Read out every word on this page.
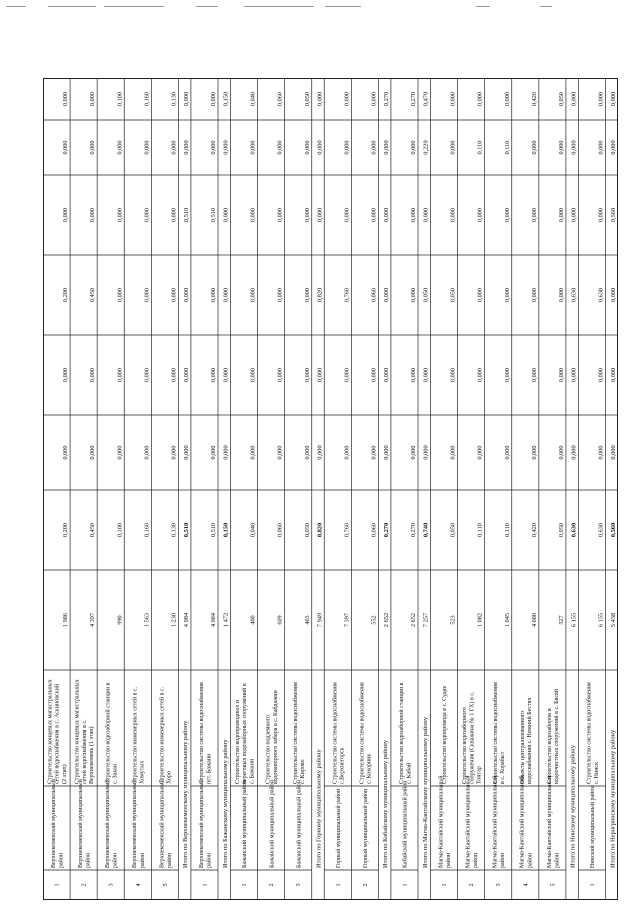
1
Верхнекеменский муниципальный район
Строительство концевых магистральных сетей водоснабжения в с. Аскиновский (2 этап)
1 986
0,200
0,000
0,000
0,200
0,000
0,000
0,000
2
Верхнекеменский муниципальный район
Строительство концевых магистральных сетей водоснабжения в с. Верхнекемень (1 этап)
4 397
0,450
0,000
0,000
0,450
0,000
0,000
0,000
3
Верхнекеменский муниципальный район
Строительство водозаборной станции в с. Закан
990
0,100
0,000
0,000
0,000
0,000
0,000
0,100
4
Верхнекеменский муниципальный район
Строительство инженерных сетей в с. Хомутых
1 563
0,160
0,000
0,000
0,000
0,000
0,000
0,160
5
Верхнекеменский муниципальный район
Строительство инженерных сетей в с. Хоро
1 230
0,130
0,000
0,000
0,000
0,000
0,000
0,130
Итого по Верхнекеменскому муниципальному району
4 984
0,510
0,000
0,000
0,000
0,510
0,000
0,000
1
Верхнекеменский муниципальный район
Строительство системы водоснабжения пгт. Бажани
4 984
0,510
0,000
0,000
0,000
0,510
0,000
0,000
Итого по Бажанскому муниципальному району
1 472
0,150
0,000
0,000
0,000
0,000
0,000
0,150
1
Бажанский муниципальный район
Строительство водопроводных и береговых водозаборных сооружений в с. Бажани
400
0,040
0,000
0,000
0,000
0,000
0,000
0,040
2
Бажанский муниципальный район
Строительство подземного водонапорного забора в с. Кабдажин
609
0,060
0,000
0,000
0,000
0,000
0,000
0,060
3
Бажанский муниципальный район
Строительство системы водоснабжения с. Кирово
463
0,050
0,000
0,000
0,000
0,000
0,000
0,050
Итого по Горному муниципальному району
7 949
0,820
0,000
0,000
0,820
0,000
0,000
0,000
1
Горный муниципальный район
Строительство системы водоснабжения с.Верхнегорск
7 397
0,760
0,000
0,000
0,760
0,000
0,000
0,000
2
Горный муниципальный район
Строительство системы водоснабжения с. Кокорник
552
0,060
0,000
0,000
0,060
0,000
0,000
0,000
Итого по Кабайскому муниципальному району
2 652
0,270
0,000
0,000
0,000
0,000
0,000
0,270
1
Кабайский муниципальный район
Строительство водозаборной станции в с. Кабай
2 652
0,270
0,000
0,000
0,000
0,000
0,000
0,270
Итого по Магма-Кантайскому муниципальному району
7 257
0,740
0,000
0,000
0,050
0,000
0,220
0,470
1
Магма-Кантайский муниципальный район
Строительство водопровода в с. Судак
523
0,050
0,000
0,000
0,050
0,000
0,000
0,000
2
Магма-Кантайский муниципальный район
Строительство водозаборного сооружения (Скважина № 1 ГХ) в с. Тонтар
1 082
0,110
0,000
0,000
0,000
0,000
0,110
0,000
3
Магма-Кантайский муниципальный район
Строительство системы водоснабжения в с. Хорабыт
1 045
0,110
0,000
0,000
0,000
0,000
0,110
0,000
4
Магма-Кантайский муниципальный район
Объекты централизованного водоснабжения с. Нижний Бестях
4 080
0,420
0,000
0,000
0,000
0,000
0,000
0,420
5
Магма-Кантайский муниципальный район
Строительство водозаборов и водоочистных сооружений в с. Бясяй
527
0,050
0,000
0,000
0,000
0,000
0,000
0,050
Итого по Нинскому муниципальному району
6 155
0,630
0,000
0,000
0,630
0,000
0,000
0,000
1
Нинский муниципальный район
Строительство системы водоснабжения с. Нинск
6 155
0,630
0,000
0,000
0,630
0,000
0,000
0,000
Итого по Нернгринскому муниципальному району
5 438
0,560
0,000
0,000
0,000
0,560
0,000
0,000
